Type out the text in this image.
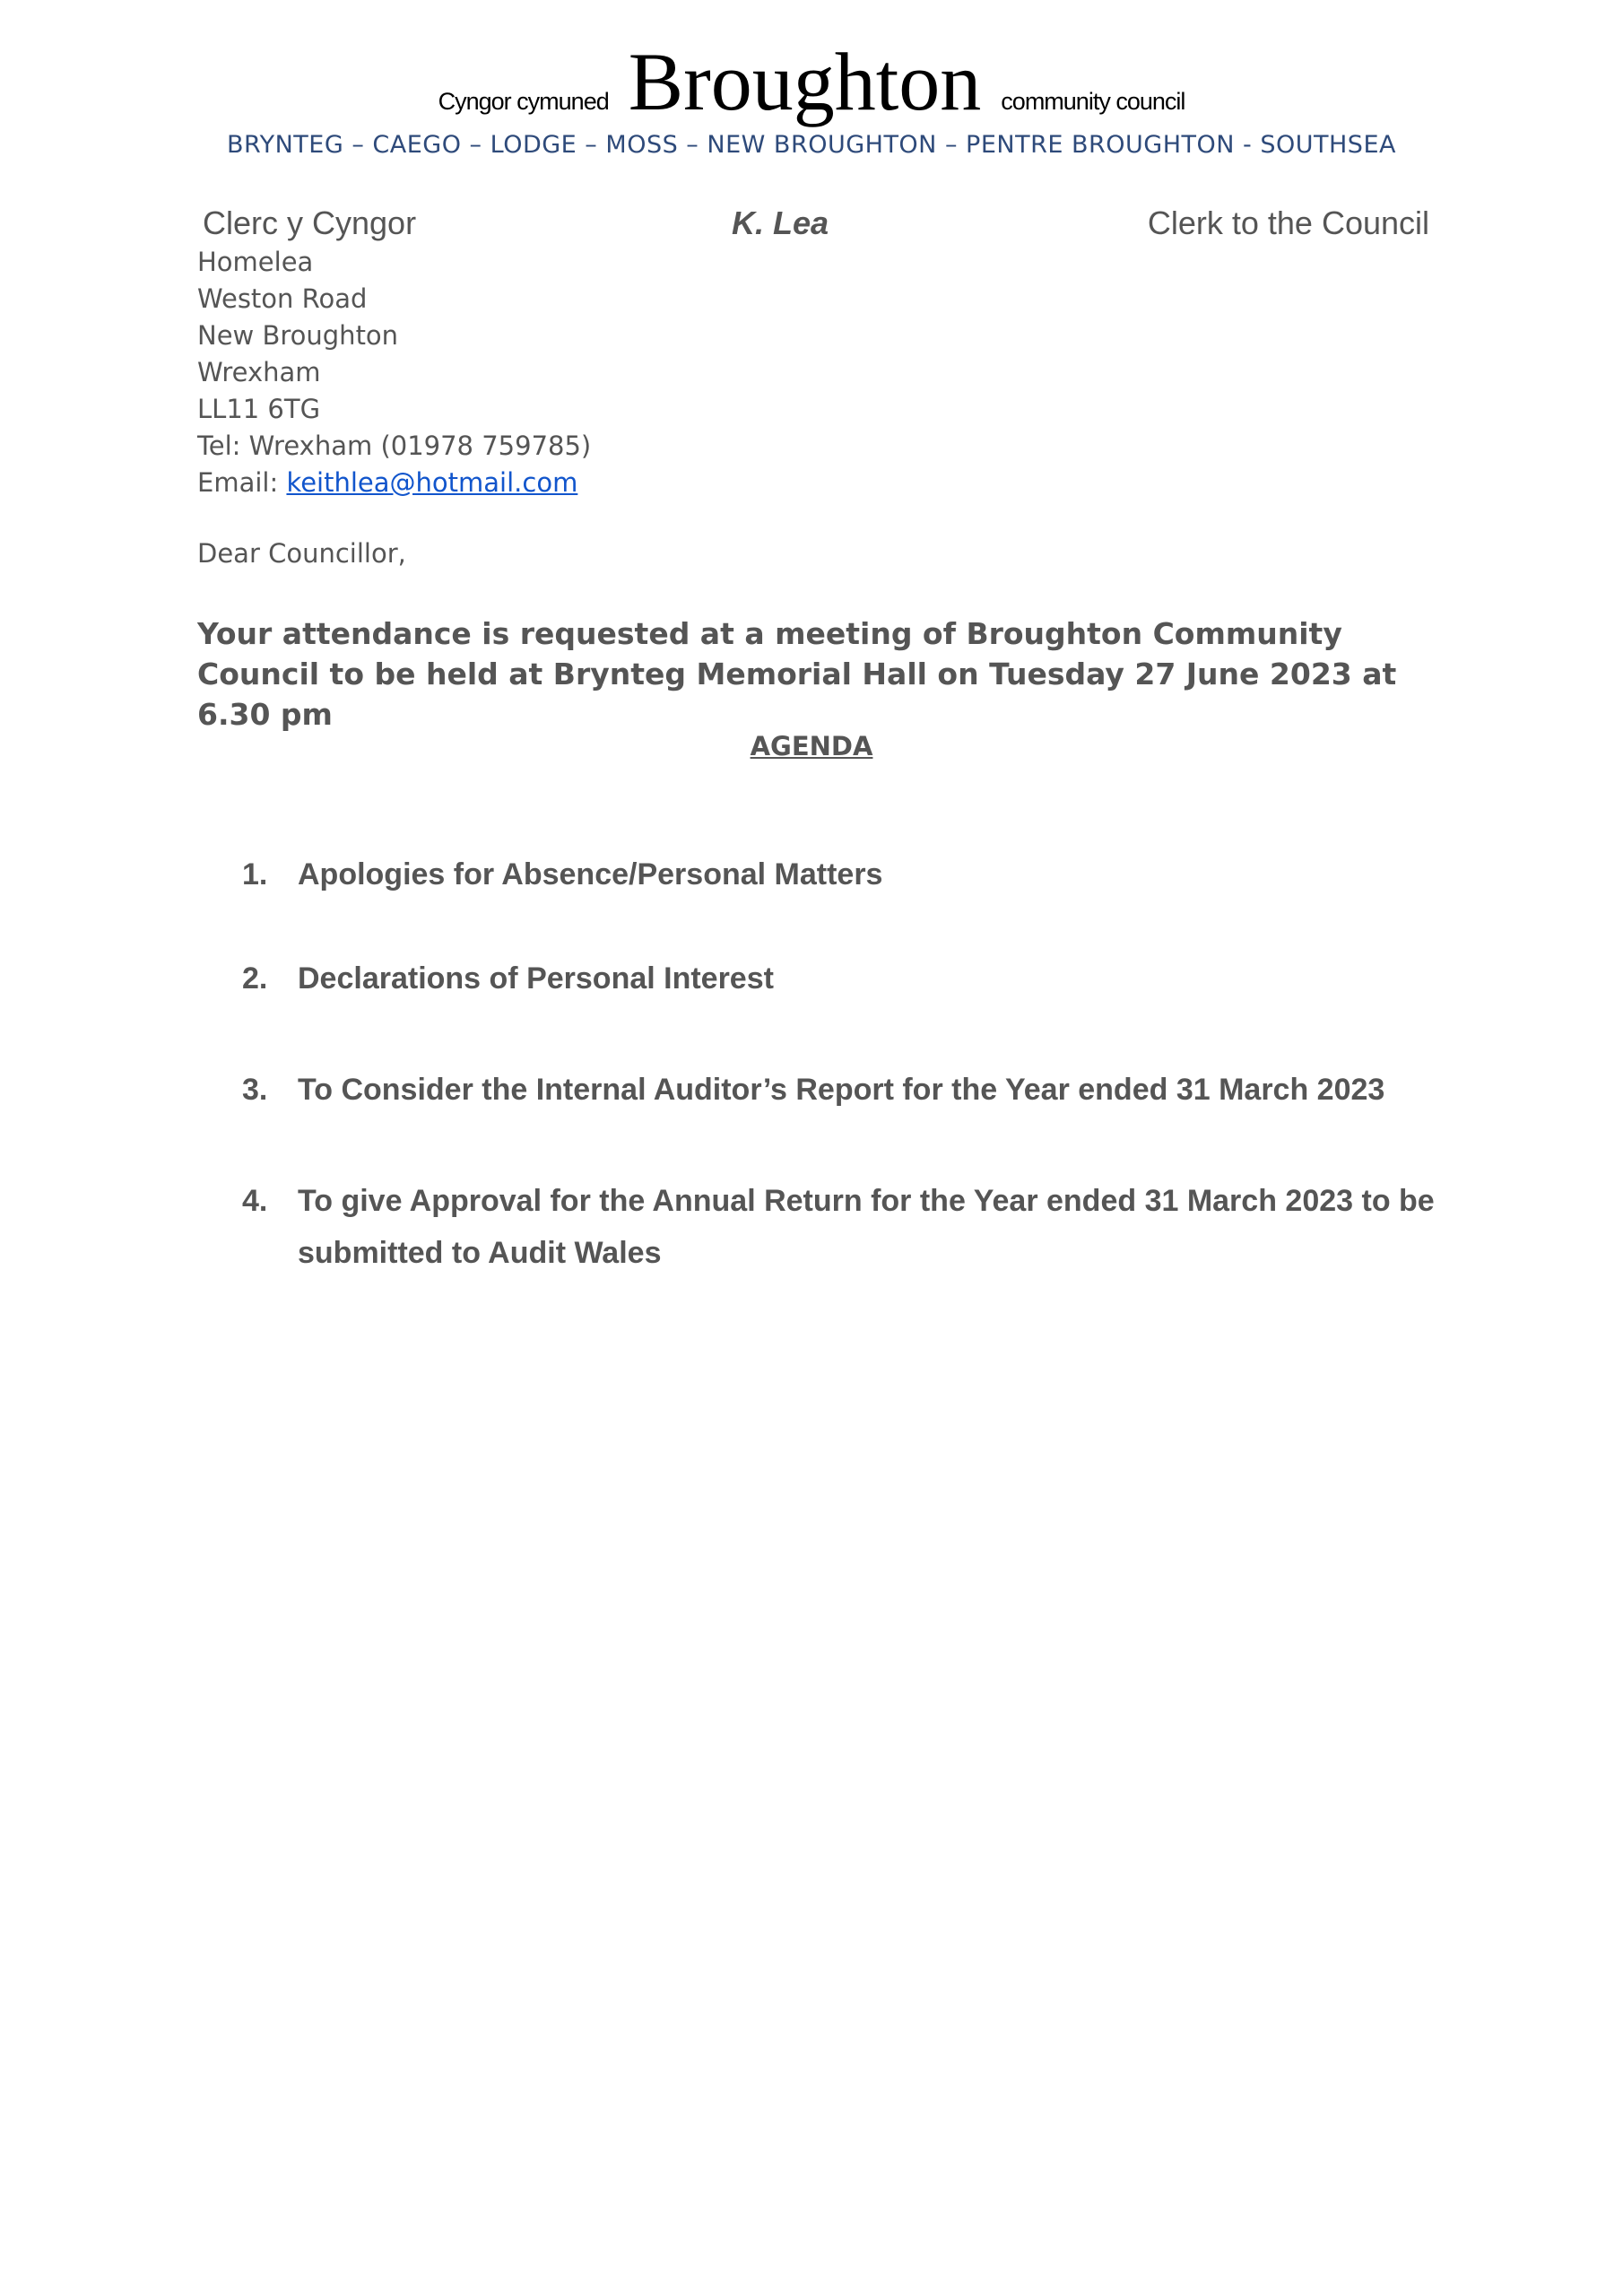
Cyngor cymuned Broughton community council
BRYNTEG – CAEGO – LODGE – MOSS – NEW BROUGHTON – PENTRE BROUGHTON - SOUTHSEA
Clerc y Cyngor	K. Lea	Clerk to the Council
Homelea
Weston Road
New Broughton
Wrexham
LL11 6TG
Tel: Wrexham (01978 759785)
Email: keithlea@hotmail.com
Dear Councillor,
Your attendance is requested at a meeting of Broughton Community Council to be held at Brynteg Memorial Hall on Tuesday 27 June 2023 at 6.30 pm
AGENDA
1. Apologies for Absence/Personal Matters
2. Declarations of Personal Interest
3. To Consider the Internal Auditor’s Report for the Year ended 31 March 2023
4. To give Approval for the Annual Return for the Year ended 31 March 2023 to be submitted to Audit Wales
